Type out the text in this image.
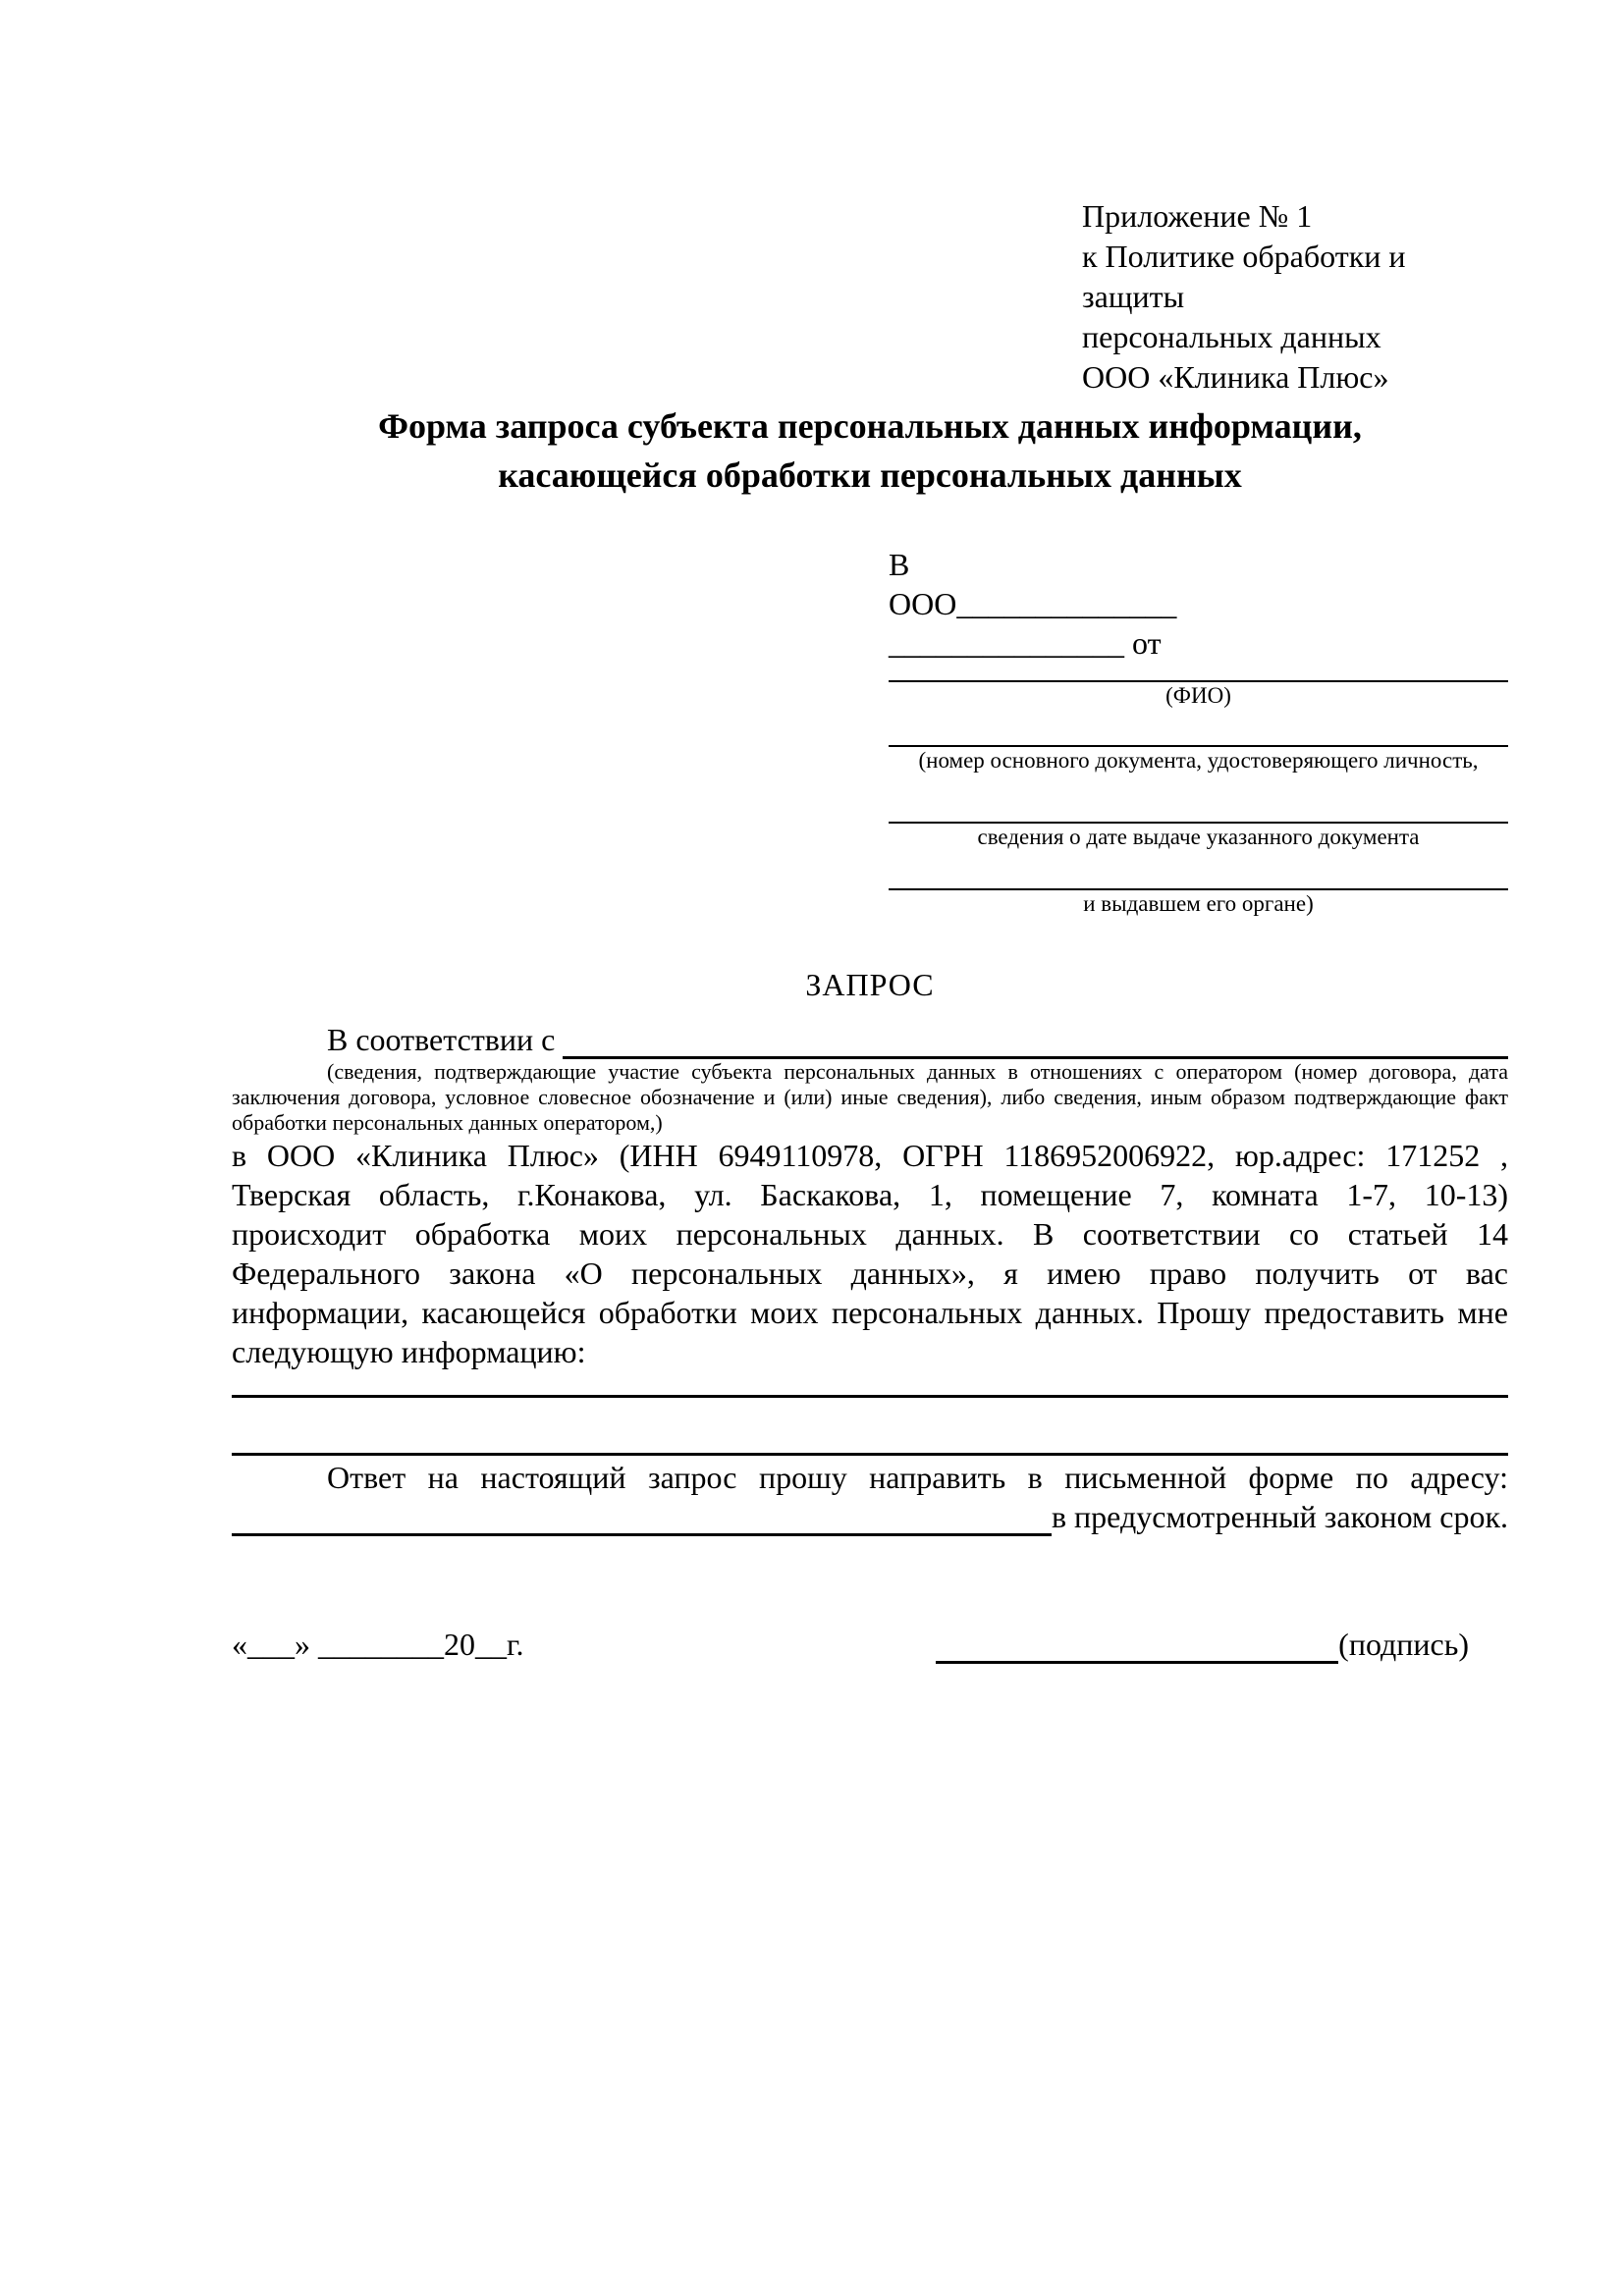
Приложение № 1
к Политике обработки и защиты
персональных данных
ООО «Клиника Плюс»
Форма запроса субъекта персональных данных информации,
касающейся обработки персональных данных
В
ООО______________
_______________ от
(ФИО)
(номер основного документа, удостоверяющего личность,
сведения о дате выдаче указанного документа
и выдавшем его органе)
ЗАПРОС
В соответствии с
(сведения, подтверждающие участие субъекта персональных данных в отношениях с оператором (номер договора, дата
заключения договора, условное словесное обозначение и (или) иные сведения), либо сведения, иным образом подтверждающие факт
обработки персональных данных оператором,)
в ООО «Клиника Плюс» (ИНН 6949110978, ОГРН 1186952006922, юр.адрес: 171252 ,
Тверская область, г.Конакова, ул. Баскакова, 1, помещение 7, комната 1-7, 10-13)
происходит обработка моих персональных данных. В соответствии со статьей 14
Федерального закона «О персональных данных», я имею право получить от вас
информации, касающейся обработки моих персональных данных. Прошу предоставить мне
следующую информацию:
Ответ на настоящий запрос прошу направить в письменной форме по адресу:
в предусмотренный законом срок.
«___» ________20__г.	(подпись)
